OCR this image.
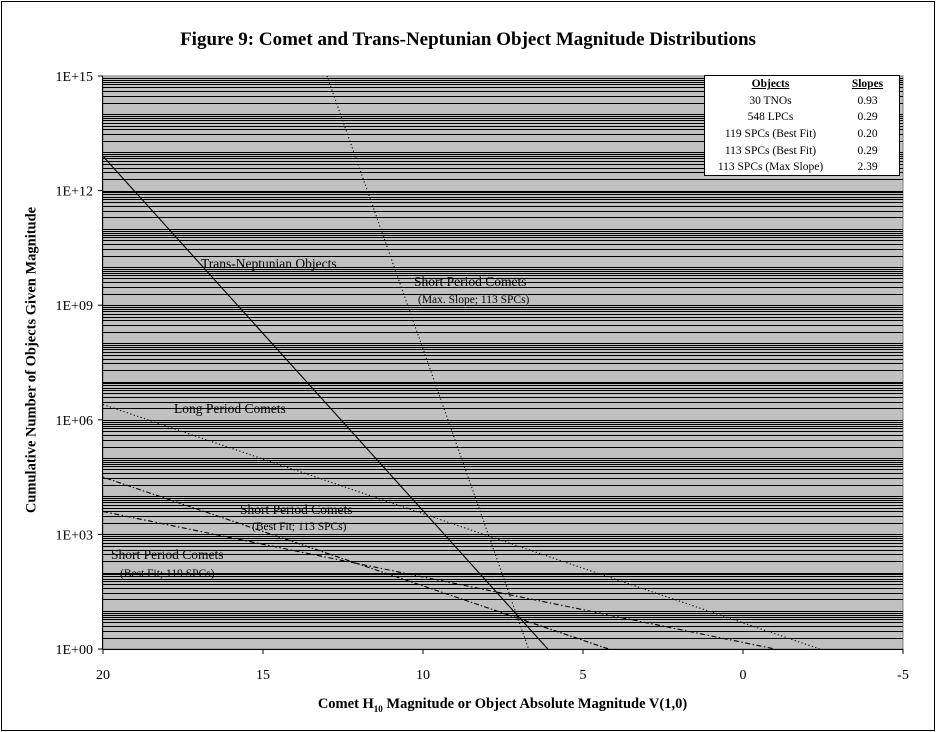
Figure 9: Comet and Trans-Neptunian Object Magnitude Distributions
20	15	10	5	0	-5
1E+00
1E+03
1E+06
1E+09
1E+12
1E+15
Trans-Neptunian Objects
Short Period Comets
(Max. Slope; 113 SPCs)
Long Period Comets
Short Period Comets
(Best Fit; 113 SPCs)
Short Period Comets
(Best Fit; 119 SPCs)
Objects	Slopes
30 TNOs	0.93
548 LPCs	0.29
119 SPCs (Best Fit)	0.20
113 SPCs (Best Fit)	0.29
113 SPCs (Max Slope)	2.39
Comet $H_{10}$ Magnitude or Object Absolute Magnitude V(1,0)
Cumulative Number of Objects Given Magnitude
